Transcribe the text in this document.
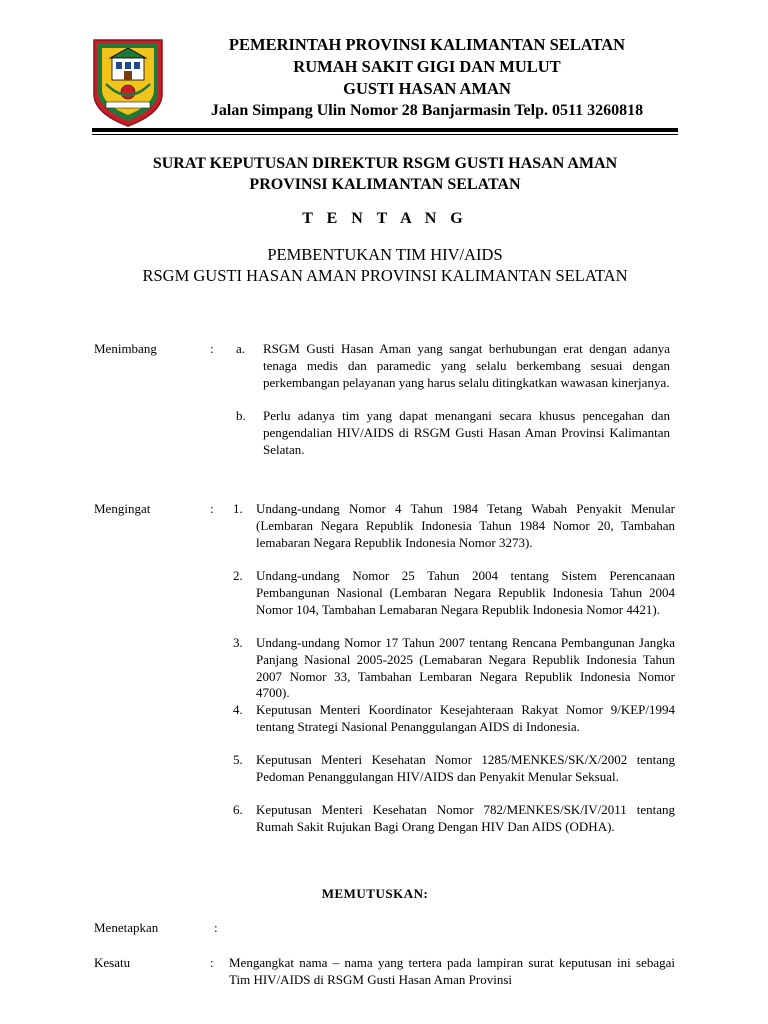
PEMERINTAH PROVINSI KALIMANTAN SELATAN
RUMAH SAKIT GIGI DAN MULUT
GUSTI HASAN AMAN
Jalan Simpang Ulin Nomor 28 Banjarmasin Telp. 0511 3260818
SURAT KEPUTUSAN DIREKTUR RSGM GUSTI HASAN AMAN
PROVINSI KALIMANTAN SELATAN
T E N T A N G
PEMBENTUKAN TIM HIV/AIDS
RSGM GUSTI HASAN AMAN PROVINSI KALIMANTAN SELATAN
Menimbang	: a. RSGM Gusti Hasan Aman yang sangat berhubungan erat dengan adanya tenaga medis dan paramedic yang selalu berkembang sesuai dengan perkembangan pelayanan yang harus selalu ditingkatkan wawasan kinerjanya.
b. Perlu adanya tim yang dapat menangani secara khusus pencegahan dan pengendalian HIV/AIDS di RSGM Gusti Hasan Aman Provinsi Kalimantan Selatan.
Mengingat	: 1. Undang-undang Nomor 4 Tahun 1984 Tetang Wabah Penyakit Menular (Lembaran Negara Republik Indonesia Tahun 1984 Nomor 20, Tambahan lemabaran Negara Republik Indonesia Nomor 3273).
2. Undang-undang Nomor 25 Tahun 2004 tentang Sistem Perencanaan Pembangunan Nasional (Lembaran Negara Republik Indonesia Tahun 2004 Nomor 104, Tambahan Lemabaran Negara Republik Indonesia Nomor 4421).
3. Undang-undang Nomor 17 Tahun 2007 tentang Rencana Pembangunan Jangka Panjang Nasional 2005-2025 (Lemabaran Negara Republik Indonesia Tahun 2007 Nomor 33, Tambahan Lembaran Negara Republik Indonesia Nomor 4700).
4. Keputusan Menteri Koordinator Kesejahteraan Rakyat Nomor 9/KEP/1994 tentang Strategi Nasional Penanggulangan AIDS di Indonesia.
5. Keputusan Menteri Kesehatan Nomor 1285/MENKES/SK/X/2002 tentang Pedoman Penanggulangan HIV/AIDS dan Penyakit Menular Seksual.
6. Keputusan Menteri Kesehatan Nomor 782/MENKES/SK/IV/2011 tentang Rumah Sakit Rujukan Bagi Orang Dengan HIV Dan AIDS (ODHA).
MEMUTUSKAN:
Menetapkan	:
Kesatu	: Mengangkat nama – nama yang tertera pada lampiran surat keputusan ini sebagai Tim HIV/AIDS di RSGM Gusti Hasan Aman Provinsi
